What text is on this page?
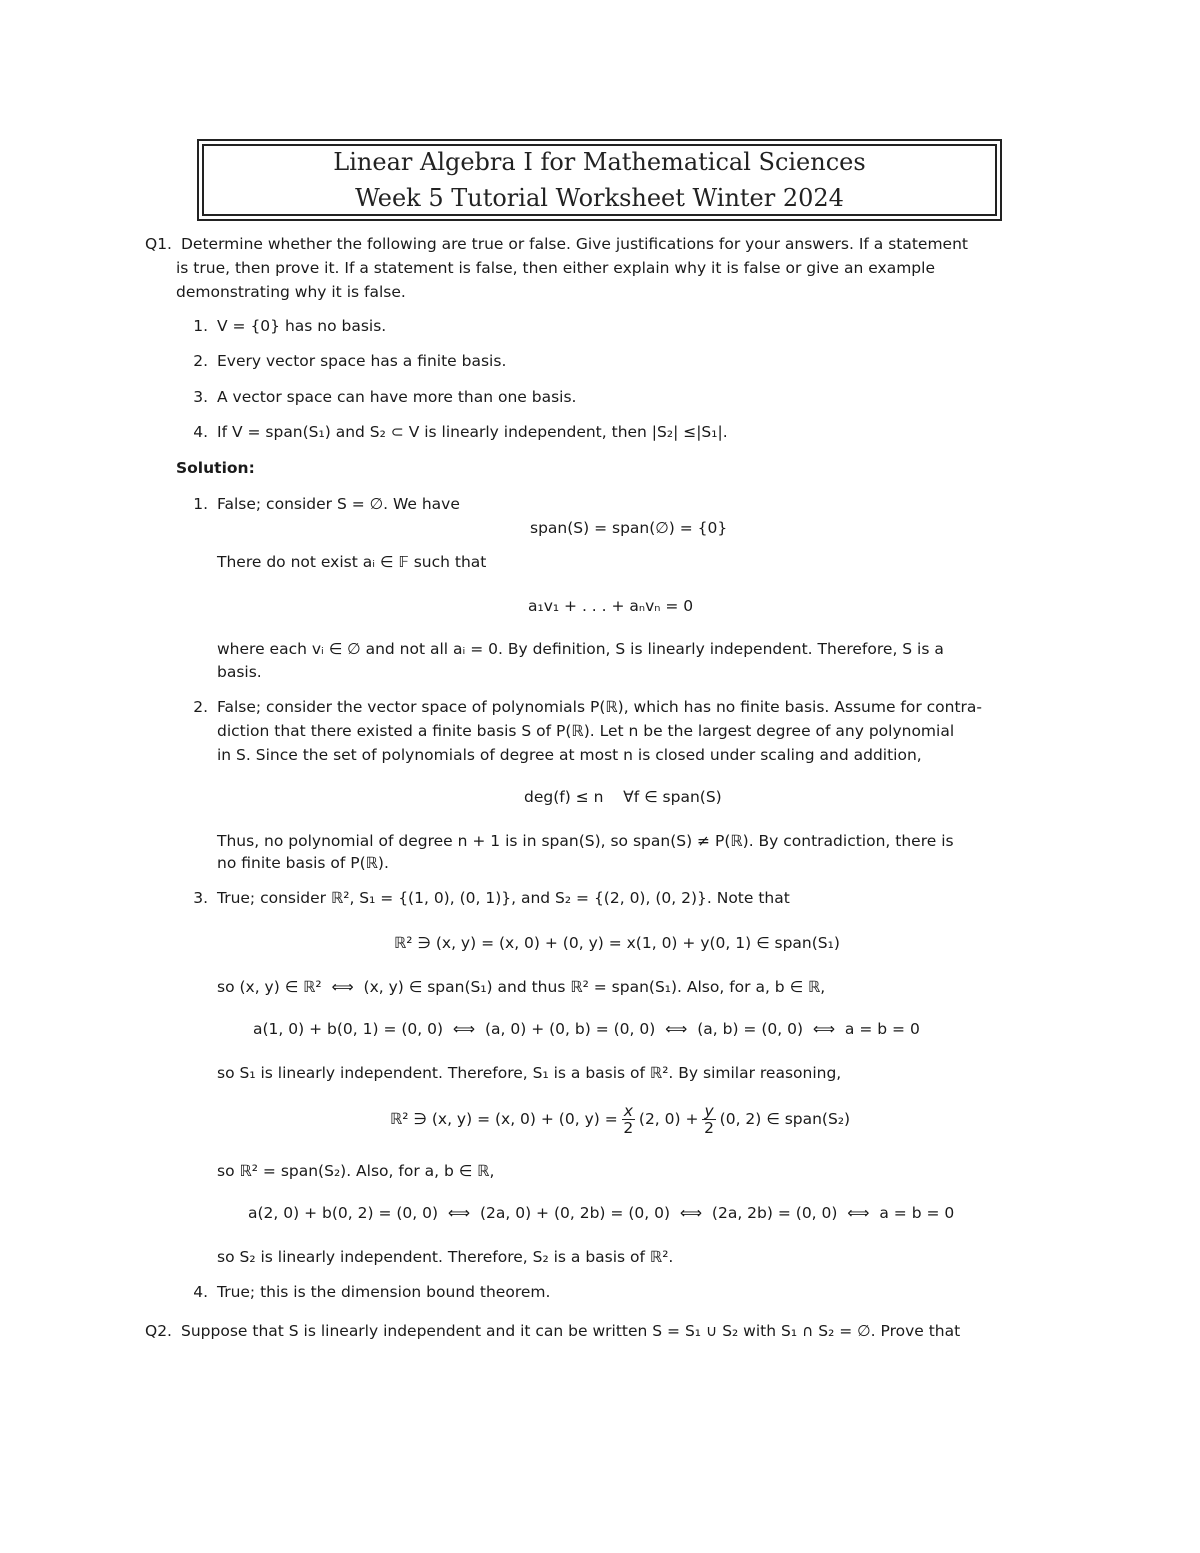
Linear Algebra I for Mathematical Sciences
Week 5 Tutorial Worksheet Winter 2024
Q1. Determine whether the following are true or false. Give justifications for your answers. If a statement
is true, then prove it. If a statement is false, then either explain why it is false or give an example
demonstrating why it is false.
1. V = {0} has no basis.
2. Every vector space has a finite basis.
3. A vector space can have more than one basis.
4. If V = span(S₁) and S₂ ⊂ V is linearly independent, then |S₂| ≤|S₁|.
Solution:
1. False; consider S = ∅. We have
span(S) = span(∅) = {0}
There do not exist aᵢ ∈ 𝔽 such that
a₁v₁ + . . . + aₙvₙ = 0
where each vᵢ ∈ ∅ and not all aᵢ = 0. By definition, S is linearly independent. Therefore, S is a
basis.
2. False; consider the vector space of polynomials P(ℝ), which has no finite basis. Assume for contra-
diction that there existed a finite basis S of P(ℝ). Let n be the largest degree of any polynomial
in S. Since the set of polynomials of degree at most n is closed under scaling and addition,
deg(f) ≤ n    ∀f ∈ span(S)
Thus, no polynomial of degree n + 1 is in span(S), so span(S) ≠ P(ℝ). By contradiction, there is
no finite basis of P(ℝ).
3. True; consider ℝ², S₁ = {(1, 0), (0, 1)}, and S₂ = {(2, 0), (0, 2)}. Note that
ℝ² ∋ (x, y) = (x, 0) + (0, y) = x(1, 0) + y(0, 1) ∈ span(S₁)
so (x, y) ∈ ℝ²  ⟺  (x, y) ∈ span(S₁) and thus ℝ² = span(S₁). Also, for a, b ∈ ℝ,
a(1, 0) + b(0, 1) = (0, 0)  ⟺  (a, 0) + (0, b) = (0, 0)  ⟺  (a, b) = (0, 0)  ⟺  a = b = 0
so S₁ is linearly independent. Therefore, S₁ is a basis of ℝ². By similar reasoning,
ℝ² ∋ (x, y) = (x, 0) + (0, $y) = \frac{x}{2} (2$, $0) + \frac{y}{2} (0$, 2) ∈ span(S₂)
so ℝ² = span(S₂). Also, for a, b ∈ ℝ,
a(2, 0) + b(0, 2) = (0, 0)  ⟺  (2a, 0) + (0, 2b) = (0, 0)  ⟺  (2a, 2b) = (0, 0)  ⟺  a = b = 0
so S₂ is linearly independent. Therefore, S₂ is a basis of ℝ².
4. True; this is the dimension bound theorem.
Q2. Suppose that S is linearly independent and it can be written S = S₁ ∪ S₂ with S₁ ∩ S₂ = ∅. Prove that
